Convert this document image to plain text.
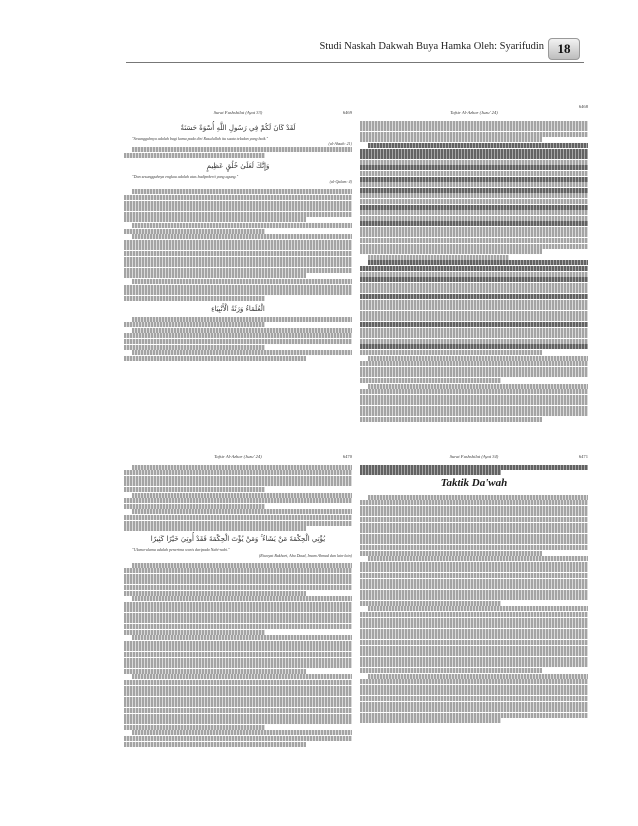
Studi Naskah Dakwah Buya Hamka Oleh: Syarifudin	18
Surat Fushshilat (Ayat 33)	6469
لَقَدْ كَانَ لَكُمْ فِي رَسُولِ اللَّهِ أُسْوَةٌ حَسَنَةٌ
"Sesungguhnya adalah bagi kamu pada diri Rasulullah itu suatu teladan yang baik."
(al-Ahzab: 21)
وَإِنَّكَ لَعَلَىٰ خُلُقٍ عَظِيمٍ
"Dan sesungguhnya engkau adalah atas budipekerti yang agung."
(al-Qalam: 4)
الْعُلَمَاءُ وَرَثَةُ الْأَنْبِيَاءِ
6468
Tafsir Al-Azhar (Juzu' 24)
Tafsir Al-Azhar (Juzu' 24)	6470
يُؤْتِي الْحِكْمَةَ مَنْ يَشَاءُ ۚ وَمَنْ يُؤْتَ الْحِكْمَةَ فَقَدْ أُوتِيَ خَيْرًا كَثِيرًا
"Ulama-ulama adalah penerima waris daripada Nabi-nabi."
(Riwayat Bukhari, Abu Daud, Imam Ahmad dan lain-lain)
Surat Fushshilat (Ayat 34)	6471
Taktik Da'wah
